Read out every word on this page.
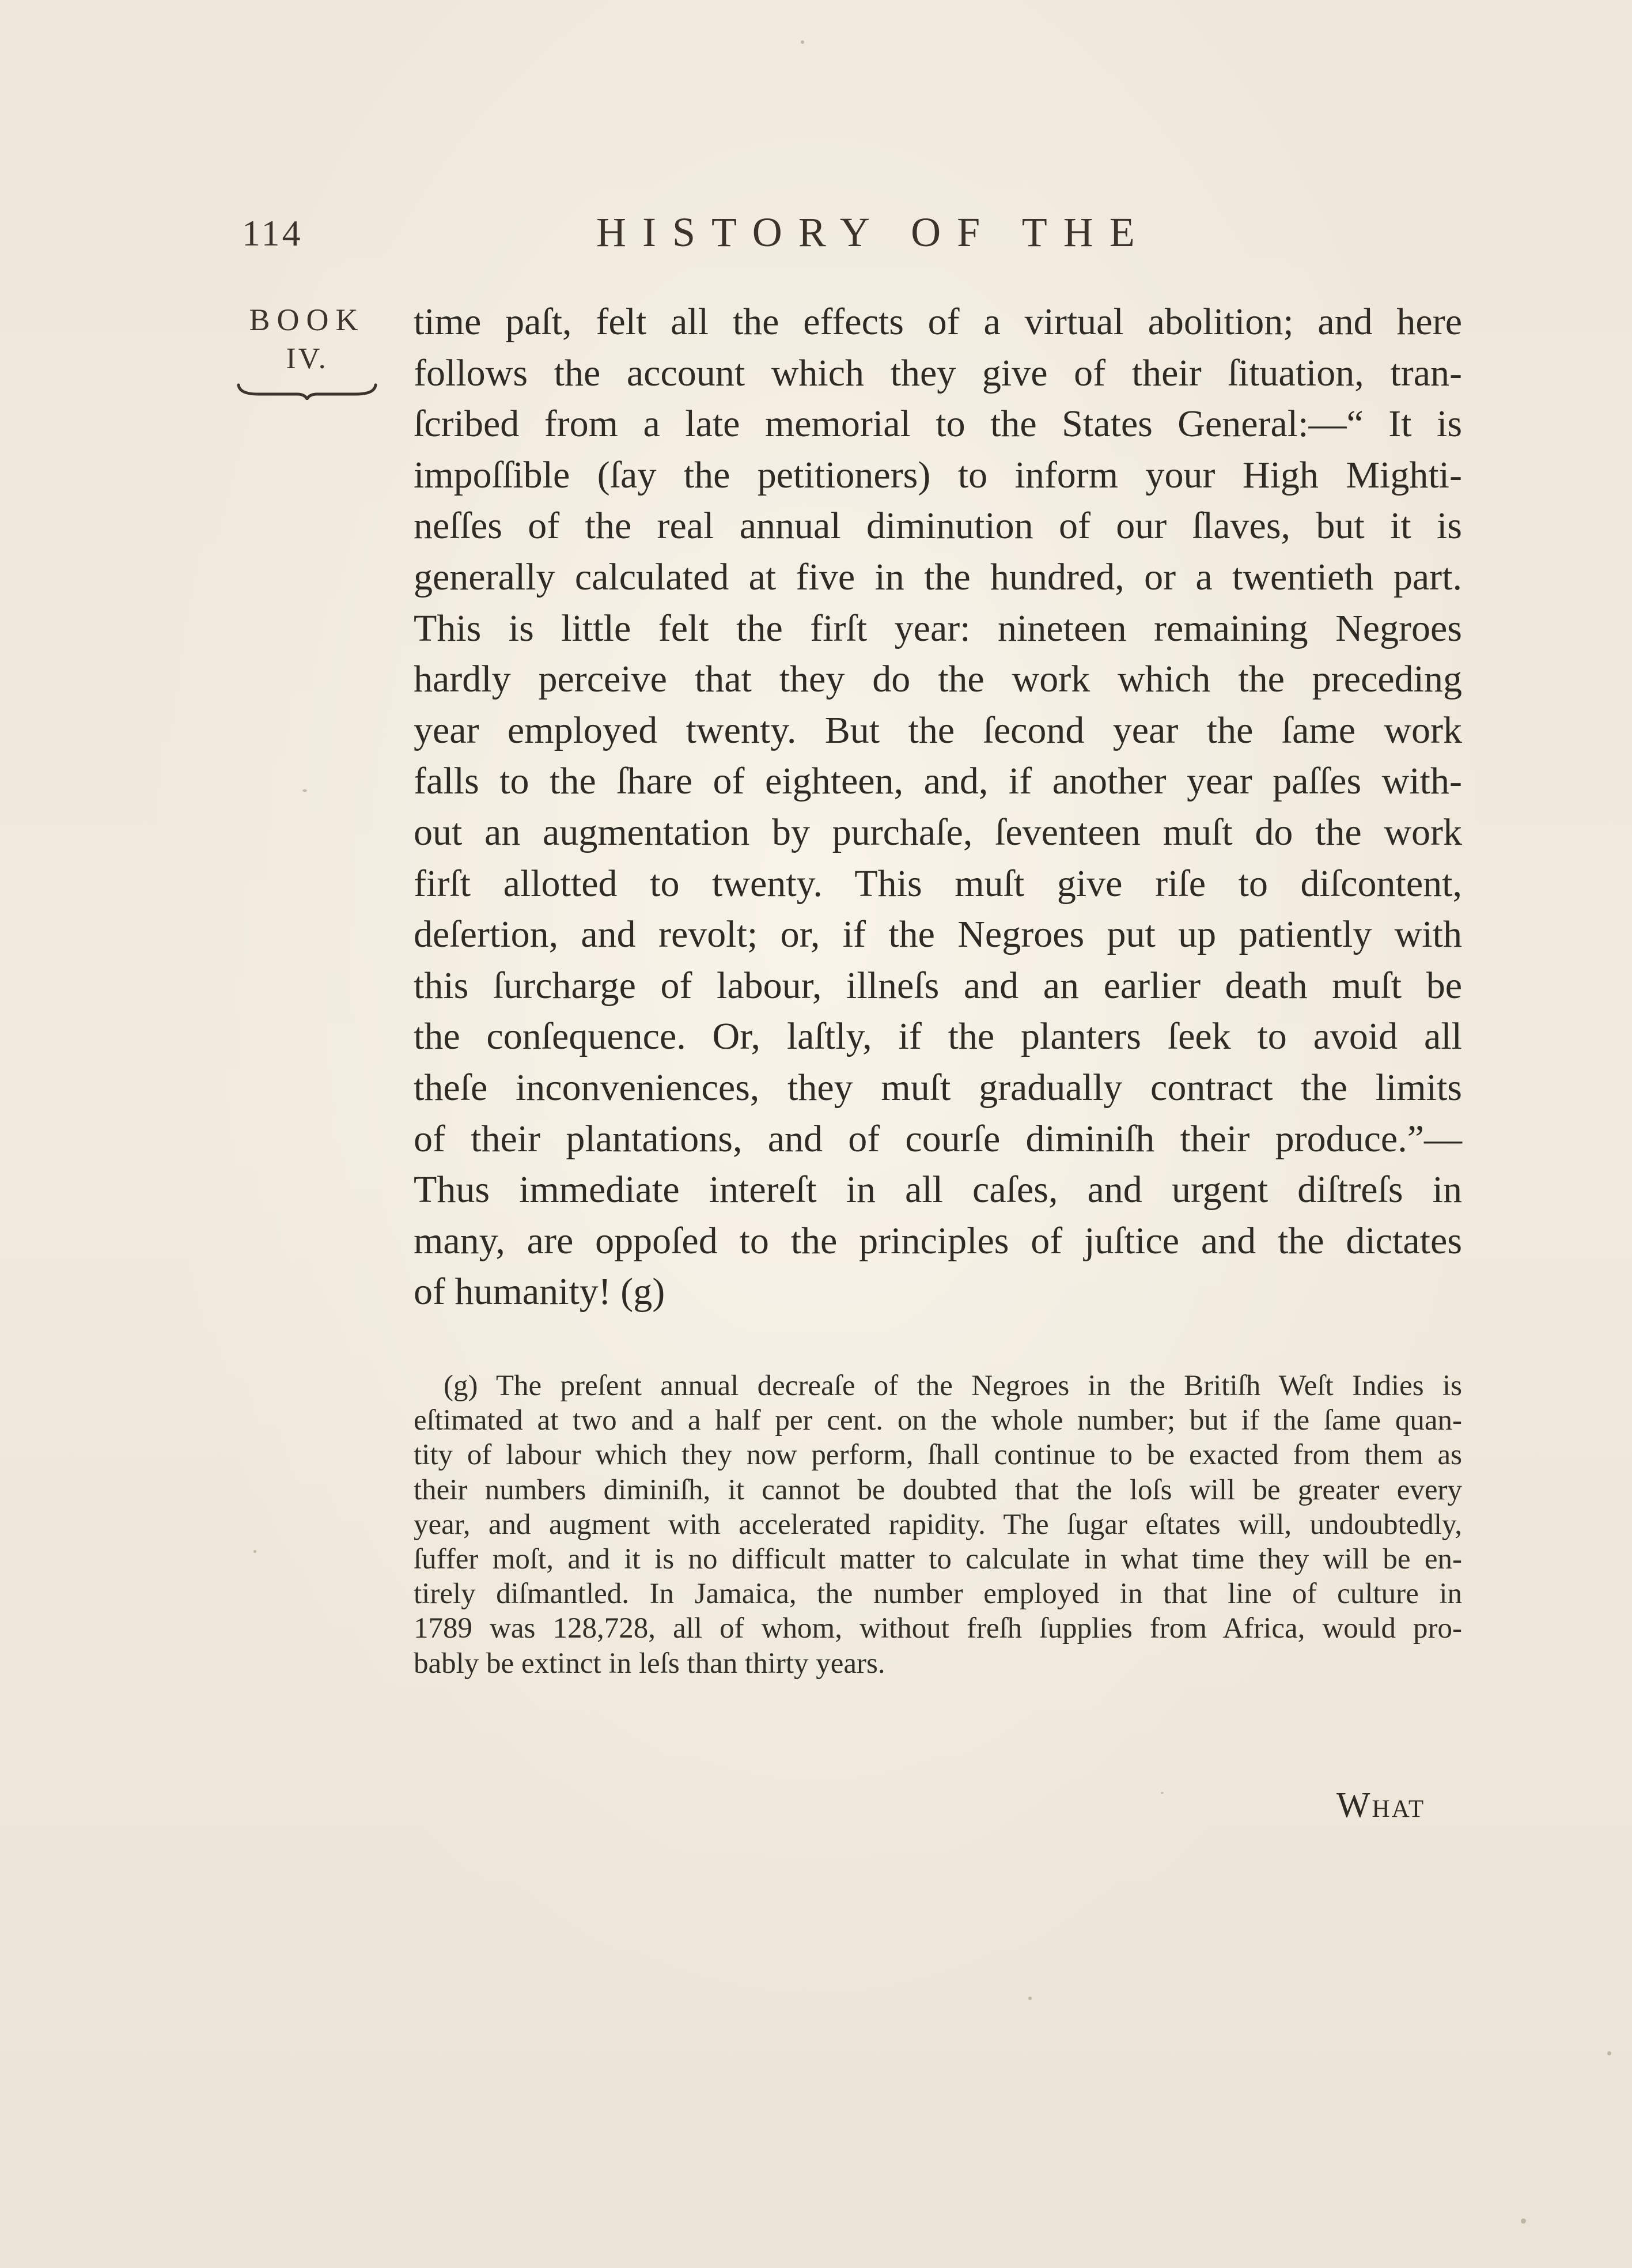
114	HISTORY OF THE
BOOK
IV.
time paſt, felt all the effects of a virtual abolition; and here
follows the account which they give of their ſituation, tran-
ſcribed from a late memorial to the States General:—“ It is
impoſſible (ſay the petitioners) to inform your High Mighti-
neſſes of the real annual diminution of our ſlaves, but it is
generally calculated at five in the hundred, or a twentieth part.
This is little felt the firſt year: nineteen remaining Negroes
hardly perceive that they do the work which the preceding
year employed twenty. But the ſecond year the ſame work
falls to the ſhare of eighteen, and, if another year paſſes with-
out an augmentation by purchaſe, ſeventeen muſt do the work
firſt allotted to twenty. This muſt give riſe to diſcontent,
deſertion, and revolt; or, if the Negroes put up patiently with
this ſurcharge of labour, illneſs and an earlier death muſt be
the conſequence. Or, laſtly, if the planters ſeek to avoid all
theſe inconveniences, they muſt gradually contract the limits
of their plantations, and of courſe diminiſh their produce.”—
Thus immediate intereſt in all caſes, and urgent diſtreſs in
many, are oppoſed to the principles of juſtice and the dictates
of humanity! (g)
(g) The preſent annual decreaſe of the Negroes in the Britiſh Weſt Indies is
eſtimated at two and a half per cent. on the whole number; but if the ſame quan-
tity of labour which they now perform, ſhall continue to be exacted from them as
their numbers diminiſh, it cannot be doubted that the loſs will be greater every
year, and augment with accelerated rapidity. The ſugar eſtates will, undoubtedly,
ſuffer moſt, and it is no difficult matter to calculate in what time they will be en-
tirely diſmantled. In Jamaica, the number employed in that line of culture in
1789 was 128,728, all of whom, without freſh ſupplies from Africa, would pro-
bably be extinct in leſs than thirty years.
What
